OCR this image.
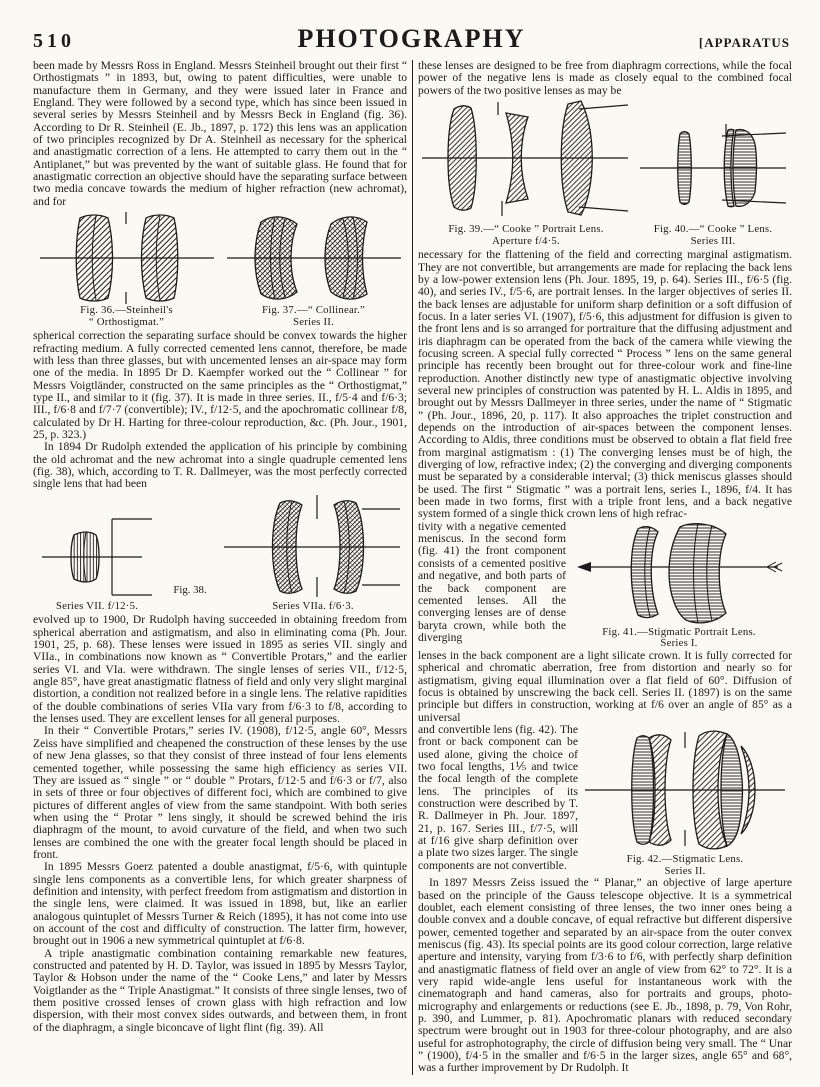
510	PHOTOGRAPHY	[APPARATUS

been made by Messrs Ross in England. Messrs Steinheil brought out their first “ Orthostigmats ” in 1893, but, owing to patent difficulties, were unable to manufacture them in Germany, and they were issued later in France and England. They were followed by a second type, which has since been issued in several series by Messrs Steinheil and by Messrs Beck in England (fig. 36). According to Dr R. Steinheil (E. Jb., 1897, p. 172) this lens was an application of two principles recognized by Dr A. Steinheil as necessary for the spherical and anastigmatic correction of a lens. He attempted to carry them out in the “ Antiplanet,” but was prevented by the want of suitable glass. He found that for anastigmatic correction an objective should have the separating surface between two media concave towards the medium of higher refraction (new achromat), and for

Fig. 36.—Steinheil's
“ Orthostigmat.”
Fig. 37.—“ Collinear.”
Series II.

spherical correction the separating surface should be convex towards the higher refracting medium. A fully corrected cemented lens cannot, therefore, be made with less than three glasses, but with uncemented lenses an air-space may form one of the media. In 1895 Dr D. Kaempfer worked out the “ Collinear ” for Messrs Voigtländer, constructed on the same principles as the “ Orthostigmat,” type II., and similar to it (fig. 37). It is made in three series. II., f/5·4 and f/6·3; III., f/6·8 and f/7·7 (convertible); IV., f/12·5, and the apochromatic collinear f/8, calculated by Dr H. Harting for three-colour reproduction, &c. (Ph. Jour., 1901, 25, p. 323.)

In 1894 Dr Rudolph extended the application of his principle by combining the old achromat and the new achromat into a single quadruple cemented lens (fig. 38), which, according to T. R. Dallmeyer, was the most perfectly corrected single lens that had been

Series VII. f/12·5.
Fig. 38.
Series VIIa. f/6·3.

evolved up to 1900, Dr Rudolph having succeeded in obtaining freedom from spherical aberration and astigmatism, and also in eliminating coma (Ph. Jour. 1901, 25, p. 68). These lenses were issued in 1895 as series VII. singly and VIIa., in combinations now known as “ Convertible Protars,” and the earlier series VI. and VIa. were withdrawn. The single lenses of series VII., f/12·5, angle 85°, have great anastigmatic flatness of field and only very slight marginal distortion, a condition not realized before in a single lens. The relative rapidities of the double combinations of series VIIa vary from f/6·3 to f/8, according to the lenses used. They are excellent lenses for all general purposes.

In their “ Convertible Protars,” series IV. (1908), f/12·5, angle 60°, Messrs Zeiss have simplified and cheapened the construction of these lenses by the use of new Jena glasses, so that they consist of three instead of four lens elements cemented together, while possessing the same high efficiency as series VII. They are issued as “ single ” or “ double ” Protars, f/12·5 and f/6·3 or f/7, also in sets of three or four objectives of different foci, which are combined to give pictures of different angles of view from the same standpoint. With both series when using the “ Protar ” lens singly, it should be screwed behind the iris diaphragm of the mount, to avoid curvature of the field, and when two such lenses are combined the one with the greater focal length should be placed in front.

In 1895 Messrs Goerz patented a double anastigmat, f/5·6, with quintuple single lens components as a convertible lens, for which greater sharpness of definition and intensity, with perfect freedom from astigmatism and distortion in the single lens, were claimed. It was issued in 1898, but, like an earlier analogous quintuplet of Messrs Turner & Reich (1895), it has not come into use on account of the cost and difficulty of construction. The latter firm, however, brought out in 1906 a new symmetrical quintuplet at f/6·8.

A triple anastigmatic combination containing remarkable new features, constructed and patented by H. D. Taylor, was issued in 1895 by Messrs Taylor, Taylor & Hobson under the name of the “ Cooke Lens,” and later by Messrs Voigtlander as the “ Triple Anastigmat.” It consists of three single lenses, two of them positive crossed lenses of crown glass with high refraction and low dispersion, with their most convex sides outwards, and between them, in front of the diaphragm, a single biconcave of light flint (fig. 39). All

these lenses are designed to be free from diaphragm corrections, while the focal power of the negative lens is made as closely equal to the combined focal powers of the two positive lenses as may be

Fig. 39.—“ Cooke ” Portrait Lens.
Aperture f/4·5.
Fig. 40.—“ Cooke ” Lens.
Series III.

necessary for the flattening of the field and correcting marginal astigmatism. They are not convertible, but arrangements are made for replacing the back lens by a low-power extension lens (Ph. Jour. 1895, 19, p. 64). Series III., f/6·5 (fig. 40), and series IV., f/5·6, are portrait lenses. In the larger objectives of series II. the back lenses are adjustable for uniform sharp definition or a soft diffusion of focus. In a later series VI. (1907), f/5·6, this adjustment for diffusion is given to the front lens and is so arranged for portraiture that the diffusing adjustment and iris diaphragm can be operated from the back of the camera while viewing the focusing screen. A special fully corrected “ Process ” lens on the same general principle has recently been brought out for three-colour work and fine-line reproduction. Another distinctly new type of anastigmatic objective involving several new principles of construction was patented by H. L. Aldis in 1895, and brought out by Messrs Dallmeyer in three series, under the name of “ Stigmatic ” (Ph. Jour., 1896, 20, p. 117). It also approaches the triplet construction and depends on the introduction of air-spaces between the component lenses. According to Aldis, three conditions must be observed to obtain a flat field free from marginal astigmatism : (1) The converging lenses must be of high, the diverging of low, refractive index; (2) the converging and diverging components must be separated by a considerable interval; (3) thick meniscus glasses should be used. The first “ Stigmatic ” was a portrait lens, series I., 1896, f/4. It has been made in two forms, first with a triple front lens, and a back negative system formed of a single thick crown lens of high refrac-

Fig. 41.—Stigmatic Portrait Lens.
Series I.

tivity with a negative cemented meniscus. In the second form (fig. 41) the front component consists of a cemented positive and negative, and both parts of the back component are cemented lenses. All the converging lenses are of dense baryta crown, while both the diverging

lenses in the back component are a light silicate crown. It is fully corrected for spherical and chromatic aberration, free from distortion and nearly so for astigmatism, giving equal illumination over a flat field of 60°. Diffusion of focus is obtained by unscrewing the back cell. Series II. (1897) is on the same principle but differs in construction, working at f/6 over an angle of 85° as a universal

Fig. 42.—Stigmatic Lens.
Series II.

and convertible lens (fig. 42). The front or back component can be used alone, giving the choice of two focal lengths, 1⅕ and twice the focal length of the complete lens. The principles of its construction were described by T. R. Dallmeyer in Ph. Jour. 1897, 21, p. 167. Series III., f/7·5, will at f/16 give sharp definition over a plate two sizes larger. The single components are not convertible.

In 1897 Messrs Zeiss issued the “ Planar,” an objective of large aperture based on the principle of the Gauss telescope objective. It is a symmetrical doublet, each element consisting of three lenses, the two inner ones being a double convex and a double concave, of equal refractive but different dispersive power, cemented together and separated by an air-space from the outer convex meniscus (fig. 43). Its special points are its good colour correction, large relative aperture and intensity, varying from f/3·6 to f/6, with perfectly sharp definition and anastigmatic flatness of field over an angle of view from 62° to 72°. It is a very rapid wide-angle lens useful for instantaneous work with the cinematograph and hand cameras, also for portraits and groups, photo-micrography and enlargements or reductions (see E. Jb., 1898, p. 79, Von Rohr, p. 390, and Lummer, p. 81). Apochromatic planars with reduced secondary spectrum were brought out in 1903 for three-colour photography, and are also useful for astrophotography, the circle of diffusion being very small. The “ Unar ” (1900), f/4·5 in the smaller and f/6·5 in the larger sizes, angle 65° and 68°, was a further improvement by Dr Rudolph. It
